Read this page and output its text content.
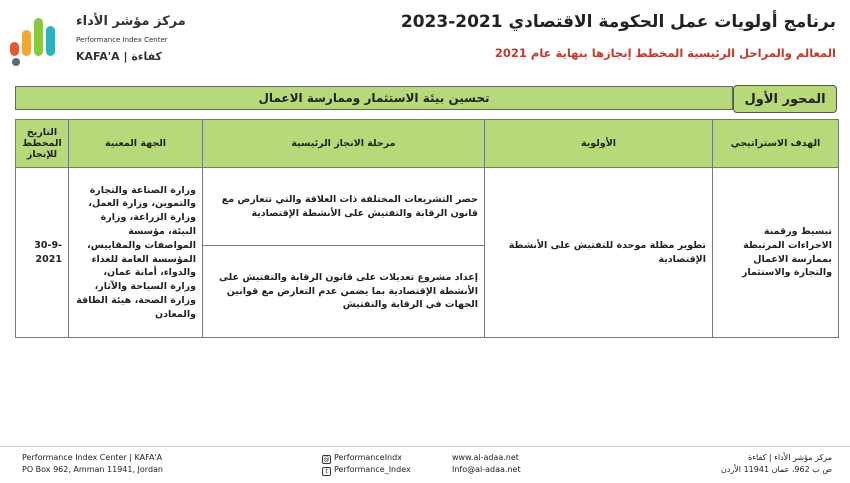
برنامج أولويات عمل الحكومة الاقتصادي 2021-2023
المعالم والمراحل الرئيسية المخطط إنجازها بنهاية عام 2021
مركز مؤشر الأداء
Performance Index Center
KAFA'A | كفاءة
المحور الأول
تحسين بيئة الاستثمار وممارسة الاعمال
الهدف الاستراتيجي	الأولوية	مرحلة الانجاز الرئيسية	الجهة المعنية	التاريخ المخطط للإنجاز
تبسيط ورقمنة الاجراءات المرتبطة بممارسة الاعمال والتجارة والاستثمار	تطوير مظلة موحدة للتفتيش على الأنشطة الإقتصادية	حصر التشريعات المختلفة ذات العلاقة والتي تتعارض مع قانون الرقابة والتفتيش على الأنشطة الإقتصادية	وزارة الصناعة والتجارة والتموين، وزارة العمل، وزارة الزراعة، وزارة البيئة، مؤسسة المواصفات والمقاييس، المؤسسة العامة للغذاء والدواء، أمانة عمان، وزارة السياحة والآثار، وزارة الصحة، هيئة الطاقة والمعادن	30-9-2021
		إعداد مشروع تعديلات على قانون الرقابة والتفتيش على الأنشطة الإقتصادية بما يضمن عدم التعارض مع قوانين الجهات في الرقابة والتفتيش		
Performance Index Center | KAFA'A
PO Box 962, Amman 11941, Jordan
@ PerformanceIndx
t Performance_Index
www.al-adaa.net
Info@al-adaa.net
مركز مؤشر الأداء | كفاءة
ص ب 962، عمان 11941 الأردن
